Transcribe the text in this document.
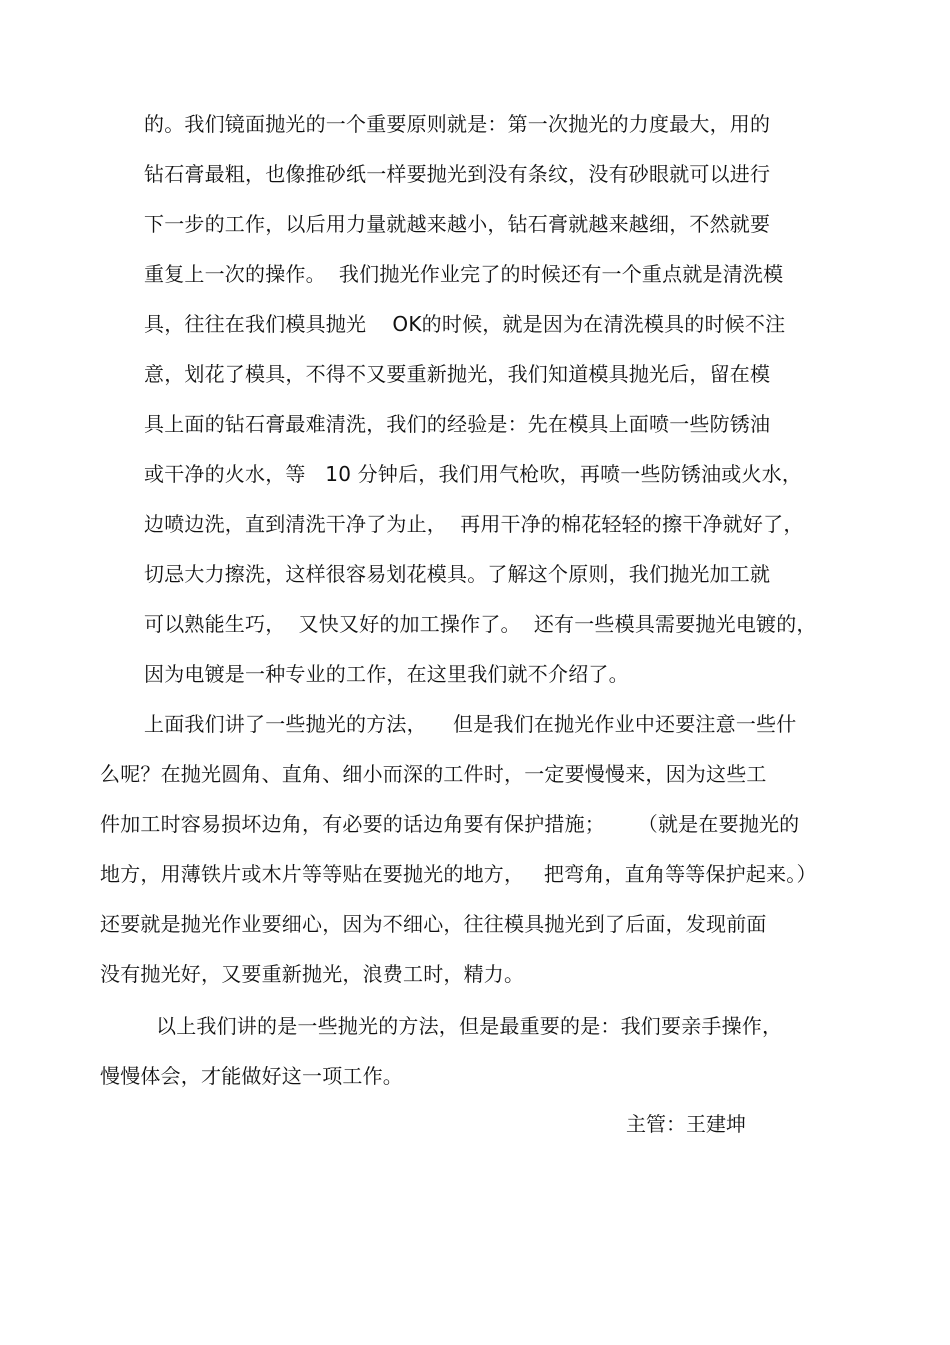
的。我们镜面抛光的一个重要原则就是：第一次抛光的力度最大，用的
钻石膏最粗，也像推砂纸一样要抛光到没有条纹，没有砂眼就可以进行
下一步的工作，以后用力量就越来越小，钻石膏就越来越细，不然就要
重复上一次的操作。  我们抛光作业完了的时候还有一个重点就是清洗模
具，往往在我们模具抛光    OK的时候，就是因为在清洗模具的时候不注
意，划花了模具，不得不又要重新抛光，我们知道模具抛光后，留在模
具上面的钻石膏最难清洗，我们的经验是：先在模具上面喷一些防锈油
或干净的火水，等   10 分钟后，我们用气枪吹，再喷一些防锈油或火水，
边喷边洗，直到清洗干净了为止，  再用干净的棉花轻轻的擦干净就好了，
切忌大力擦洗，这样很容易划花模具。了解这个原则，我们抛光加工就
可以熟能生巧，  又快又好的加工操作了。  还有一些模具需要抛光电镀的，
因为电镀是一种专业的工作，在这里我们就不介绍了。
上面我们讲了一些抛光的方法，    但是我们在抛光作业中还要注意一些什
么呢？在抛光圆角、直角、细小而深的工件时，一定要慢慢来，因为这些工
件加工时容易损坏边角，有必要的话边角要有保护措施；     （就是在要抛光的
地方，用薄铁片或木片等等贴在要抛光的地方，   把弯角，直角等等保护起来。）
还要就是抛光作业要细心，因为不细心，往往模具抛光到了后面，发现前面
没有抛光好，又要重新抛光，浪费工时，精力。
以上我们讲的是一些抛光的方法，但是最重要的是：我们要亲手操作，
慢慢体会，才能做好这一项工作。
主管：王建坤
